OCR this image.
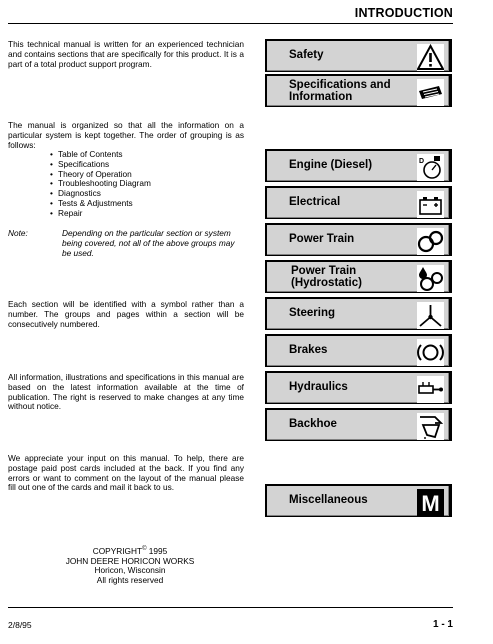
INTRODUCTION
This technical manual is written for an experienced technician and contains sections that are specifically for this product. It is a part of a total product support program.
The manual is organized so that all the information on a particular system is kept together. The order of grouping is as follows:
• Table of Contents
• Specifications
• Theory of Operation
• Troubleshooting Diagram
• Diagnostics
• Tests & Adjustments
• Repair
Note:	Depending on the particular section or system being covered, not all of the above groups may be used.
Each section will be identified with a symbol rather than a number. The groups and pages within a section will be consecutively numbered.
All information, illustrations and specifications in this manual are based on the latest information available at the time of publication. The right is reserved to make changes at any time without notice.
We appreciate your input on this manual. To help, there are postage paid post cards included at the back. If you find any errors or want to comment on the layout of the manual please fill out one of the cards and mail it back to us.
COPYRIGHT© 1995
JOHN DEERE HORICON WORKS
Horicon, Wisconsin
All rights reserved
Safety
Specifications and
Information
Engine (Diesel)	D
Electrical
Power Train
Power Train
(Hydrostatic)
Steering
Brakes
Hydraulics
Backhoe
Miscellaneous M
2/8/95	1 - 1
